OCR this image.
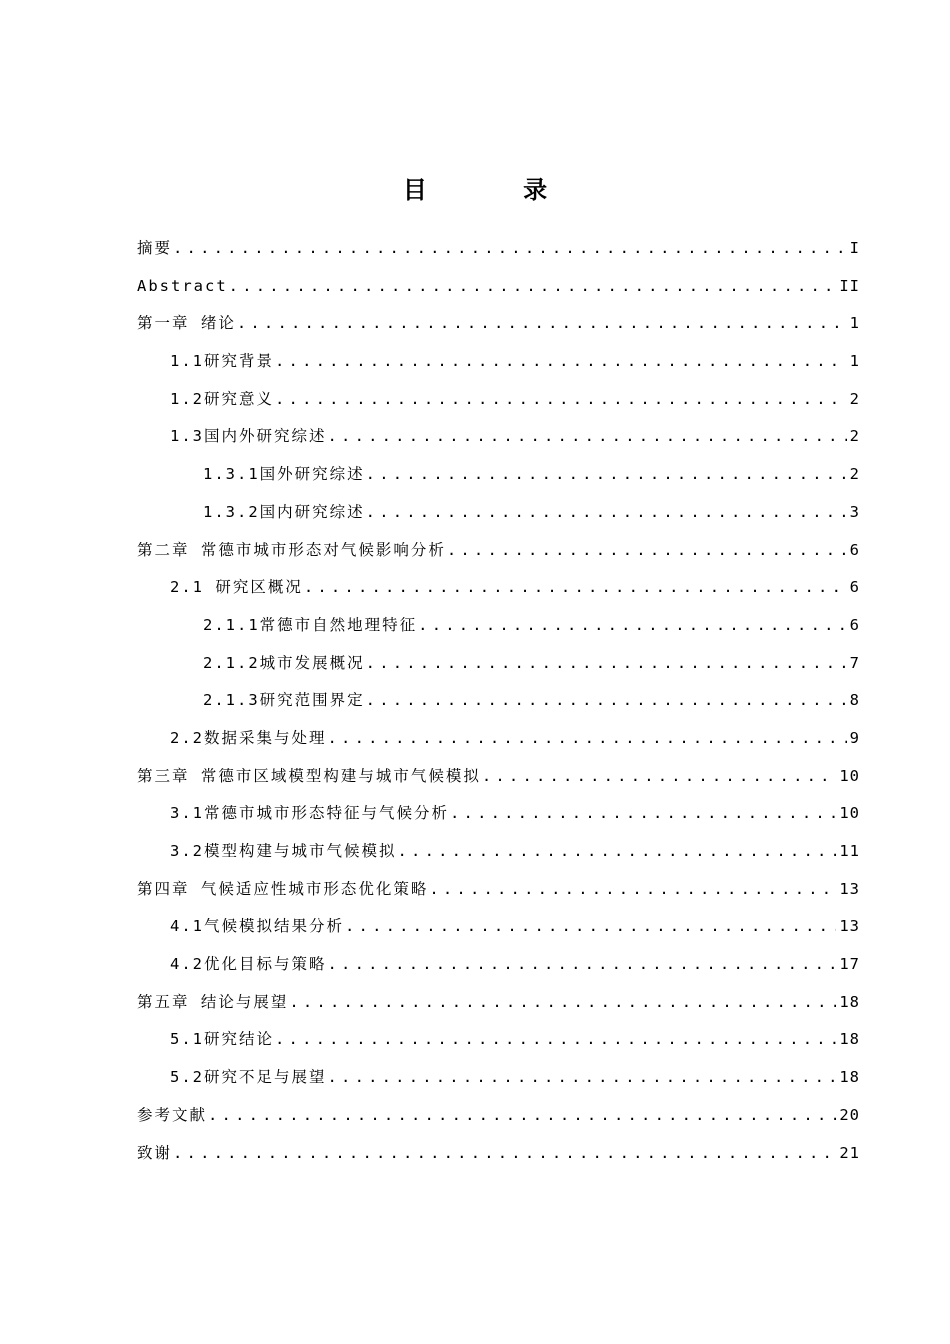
目 录
摘要 .....	I
Abstract .....	II
第一章 绪论 .....	1
1.1研究背景 .....	1
1.2研究意义 .....	2
1.3国内外研究综述 .....	2
1.3.1国外研究综述 .....	2
1.3.2国内研究综述 .....	3
第二章 常德市城市形态对气候影响分析 .....	6
2.1 研究区概况 .....	6
2.1.1常德市自然地理特征 .....	6
2.1.2城市发展概况 .....	7
2.1.3研究范围界定 .....	8
2.2数据采集与处理 .....	9
第三章 常德市区域模型构建与城市气候模拟 .....	10
3.1常德市城市形态特征与气候分析 .....	10
3.2模型构建与城市气候模拟 .....	11
第四章 气候适应性城市形态优化策略 .....	13
4.1气候模拟结果分析 .....	13
4.2优化目标与策略 .....	17
第五章 结论与展望 .....	18
5.1研究结论 .....	18
5.2研究不足与展望 .....	18
参考文献 .....	20
致谢 .....	21
